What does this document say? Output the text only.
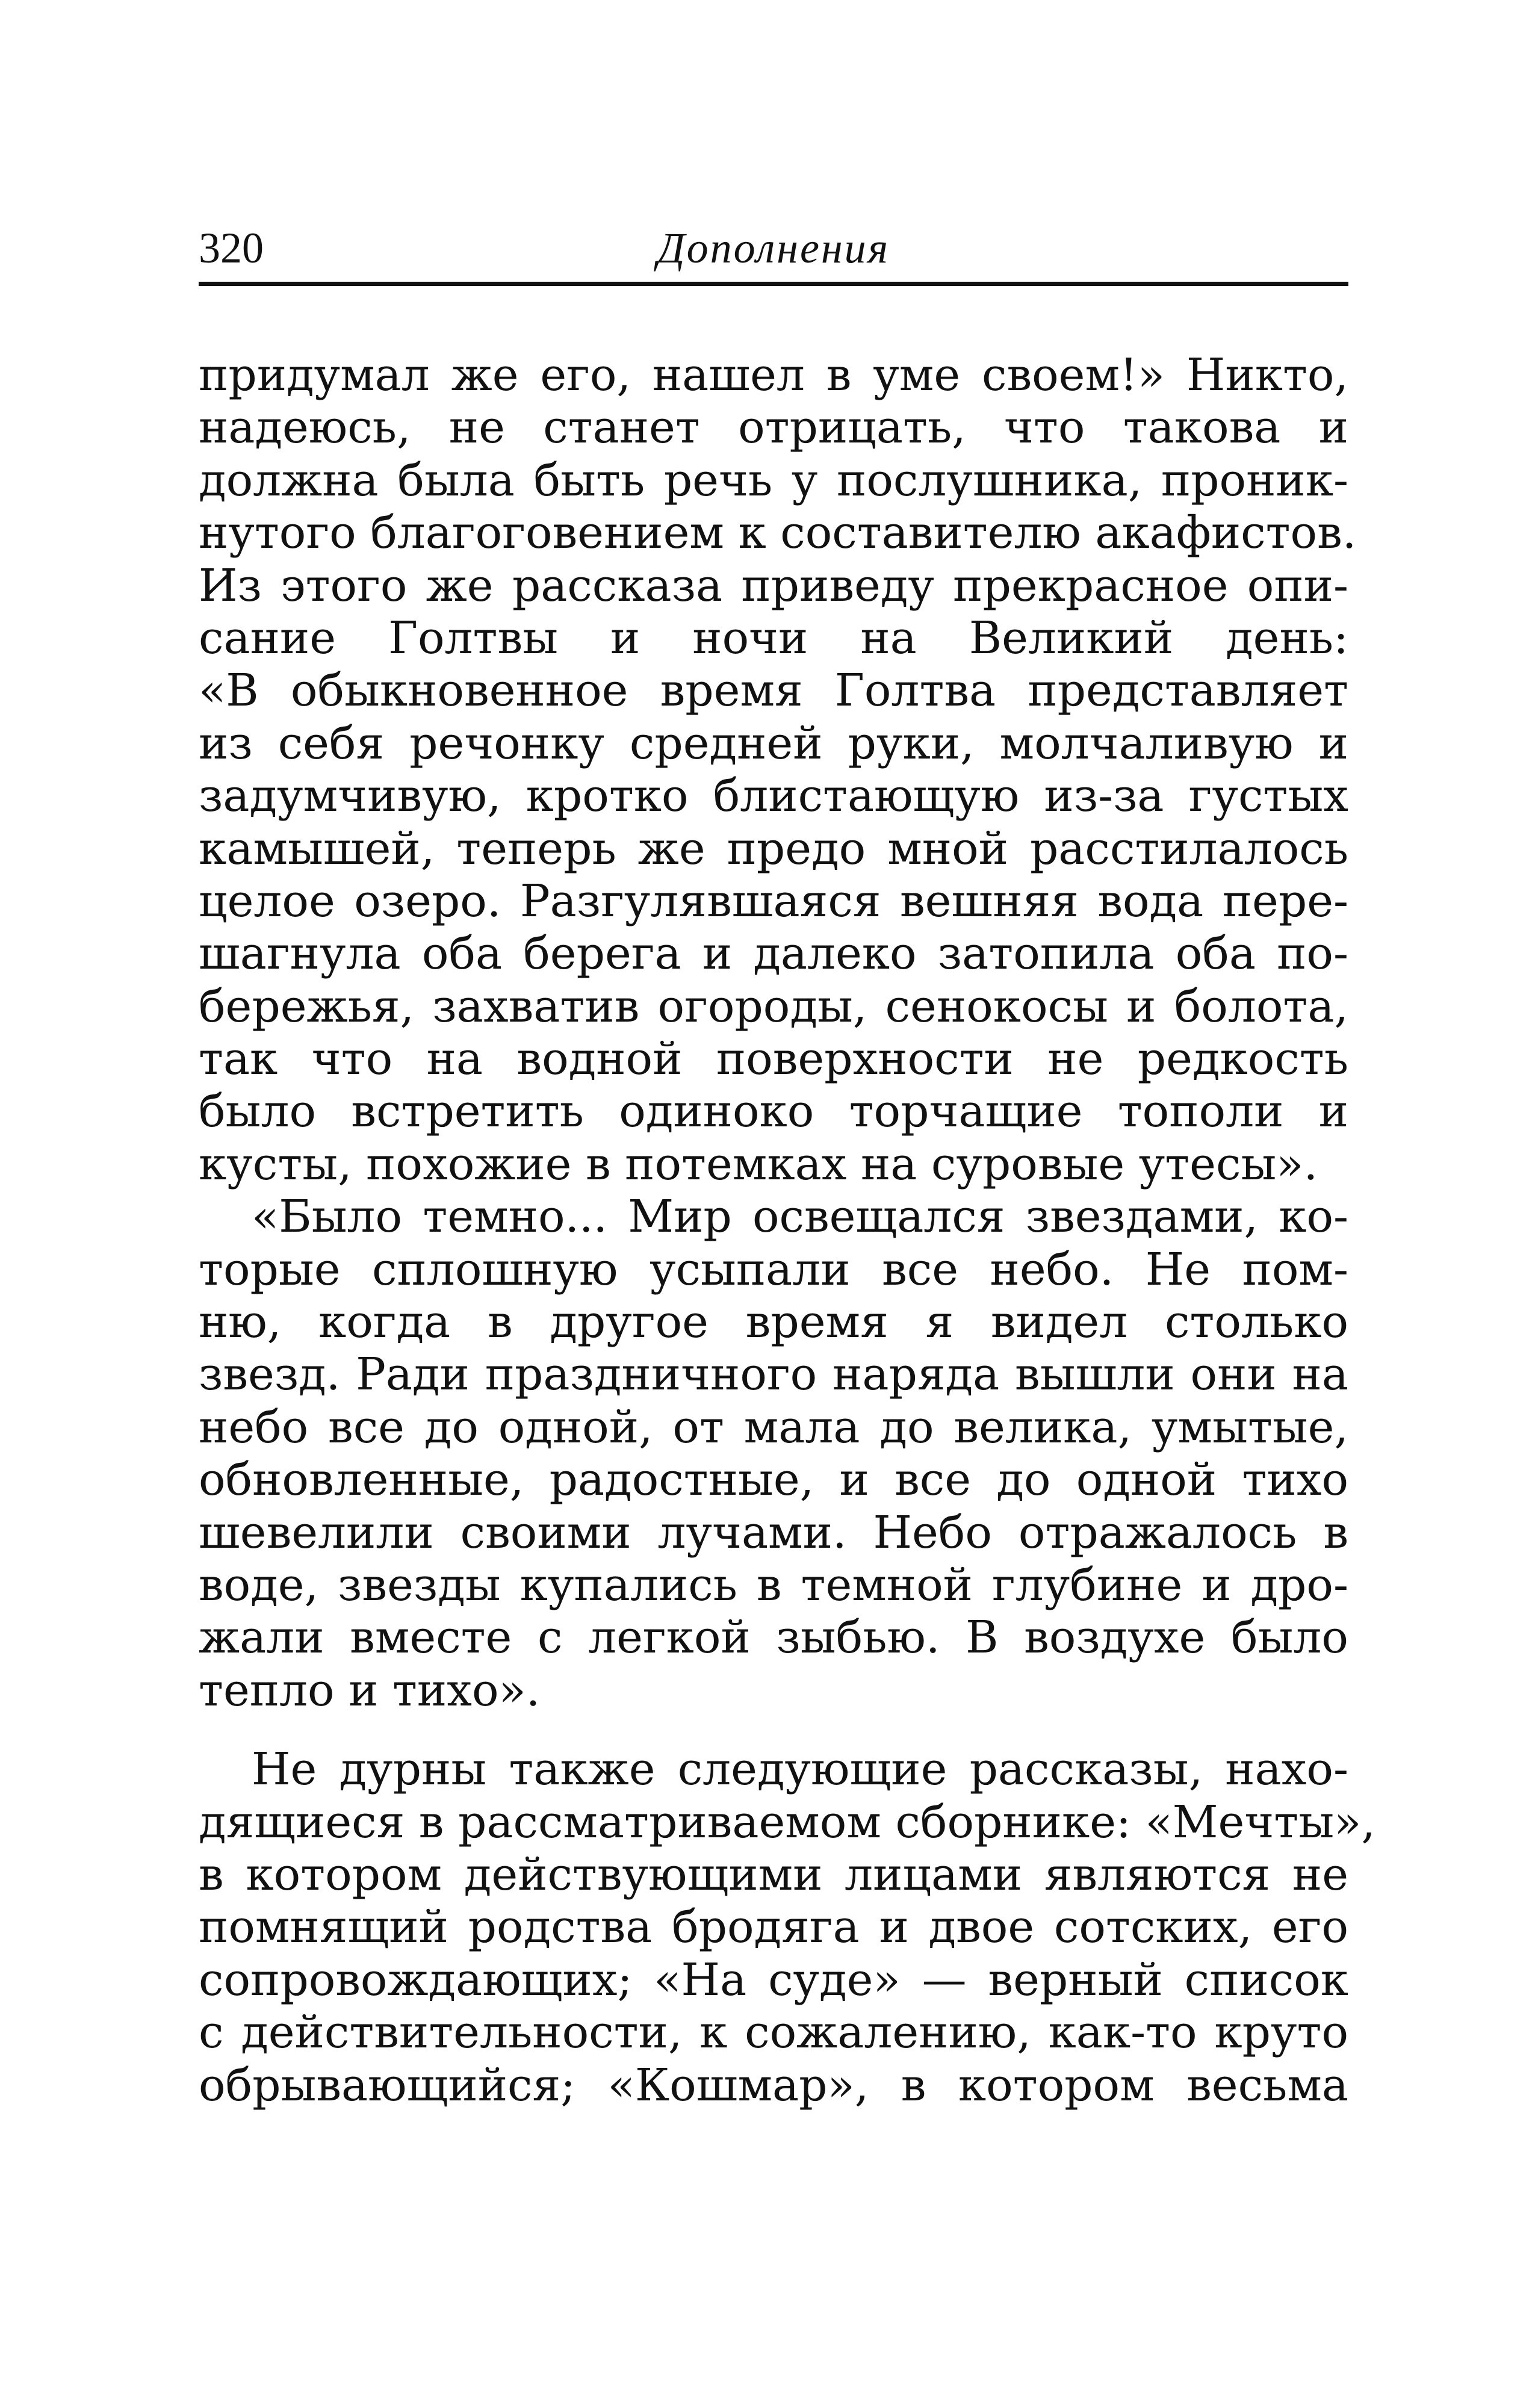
320	Дополнения
придумал же его, нашел в уме своем!» Никто,
надеюсь, не станет отрицать, что такова и
должна была быть речь у послушника, проник-
нутого благоговением к составителю акафистов.
Из этого же рассказа приведу прекрасное опи-
сание Голтвы и ночи на Великий день:
«В обыкновенное время Голтва представляет
из себя речонку средней руки, молчаливую и
задумчивую, кротко блистающую из-за густых
камышей, теперь же предо мной расстилалось
целое озеро. Разгулявшаяся вешняя вода пере-
шагнула оба берега и далеко затопила оба по-
бережья, захватив огороды, сенокосы и болота,
так что на водной поверхности не редкость
было встретить одиноко торчащие тополи и
кусты, похожие в потемках на суровые утесы».
«Было темно... Мир освещался звездами, ко-
торые сплошную усыпали все небо. Не пом-
ню, когда в другое время я видел столько
звезд. Ради праздничного наряда вышли они на
небо все до одной, от мала до велика, умытые,
обновленные, радостные, и все до одной тихо
шевелили своими лучами. Небо отражалось в
воде, звезды купались в темной глубине и дро-
жали вместе с легкой зыбью. В воздухе было
тепло и тихо».
Не дурны также следующие рассказы, нахо-
дящиеся в рассматриваемом сборнике: «Мечты»,
в котором действующими лицами являются не
помнящий родства бродяга и двое сотских, его
сопровождающих; «На суде» — верный список
с действительности, к сожалению, как-то круто
обрывающийся; «Кошмар», в котором весьма
